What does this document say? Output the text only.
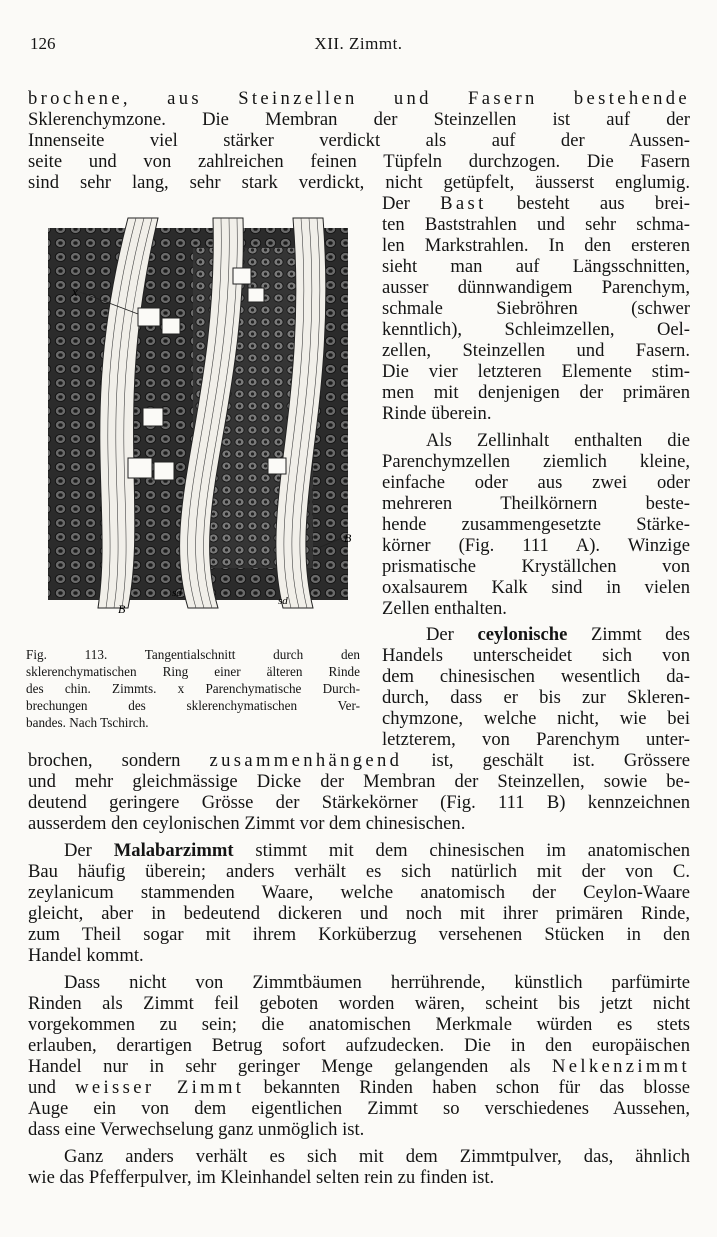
126	XII. Zimmt.
brochene, aus Steinzellen und Fasern bestehende
Sklerenchymzone. Die Membran der Steinzellen ist auf der
Innenseite viel stärker verdickt als auf der Aussen-
seite und von zahlreichen feinen Tüpfeln durchzogen. Die Fasern
sind sehr lang, sehr stark verdickt, nicht getüpfelt, äusserst englumig.
x
B
B
sd
sd
Der Bast besteht aus brei-
ten Baststrahlen und sehr schma-
len Markstrahlen. In den ersteren
sieht man auf Längsschnitten,
ausser dünnwandigem Parenchym,
schmale Siebröhren (schwer
kenntlich), Schleimzellen, Oel-
zellen, Steinzellen und Fasern.
Die vier letzteren Elemente stim-
men mit denjenigen der primären
Rinde überein.
Als Zellinhalt enthalten die
Parenchymzellen ziemlich kleine,
einfache oder aus zwei oder
mehreren Theilkörnern beste-
hende zusammengesetzte Stärke-
körner (Fig. 111 A). Winzige
prismatische Kryställchen von
oxalsaurem Kalk sind in vielen
Zellen enthalten.
Der ceylonische Zimmt des
Handels unterscheidet sich von
dem chinesischen wesentlich da-
durch, dass er bis zur Skleren-
chymzone, welche nicht, wie bei
letzterem, von Parenchym unter-
Fig. 113. Tangentialschnitt durch den
sklerenchymatischen Ring einer älteren Rinde
des chin. Zimmts. x Parenchymatische Durch-
brechungen des sklerenchymatischen Ver-
bandes. Nach Tschirch.
brochen, sondern zusammenhängend ist, geschält ist. Grössere
und mehr gleichmässige Dicke der Membran der Steinzellen, sowie be-
deutend geringere Grösse der Stärkekörner (Fig. 111 B) kennzeichnen
ausserdem den ceylonischen Zimmt vor dem chinesischen.
Der Malabarzimmt stimmt mit dem chinesischen im anatomischen
Bau häufig überein; anders verhält es sich natürlich mit der von C.
zeylanicum stammenden Waare, welche anatomisch der Ceylon-Waare
gleicht, aber in bedeutend dickeren und noch mit ihrer primären Rinde,
zum Theil sogar mit ihrem Korküberzug versehenen Stücken in den
Handel kommt.
Dass nicht von Zimmtbäumen herrührende, künstlich parfümirte
Rinden als Zimmt feil geboten worden wären, scheint bis jetzt nicht
vorgekommen zu sein; die anatomischen Merkmale würden es stets
erlauben, derartigen Betrug sofort aufzudecken. Die in den europäischen
Handel nur in sehr geringer Menge gelangenden als Nelkenzimmt
und weisser Zimmt bekannten Rinden haben schon für das blosse
Auge ein von dem eigentlichen Zimmt so verschiedenes Aussehen,
dass eine Verwechselung ganz unmöglich ist.
Ganz anders verhält es sich mit dem Zimmtpulver, das, ähnlich
wie das Pfefferpulver, im Kleinhandel selten rein zu finden ist.
